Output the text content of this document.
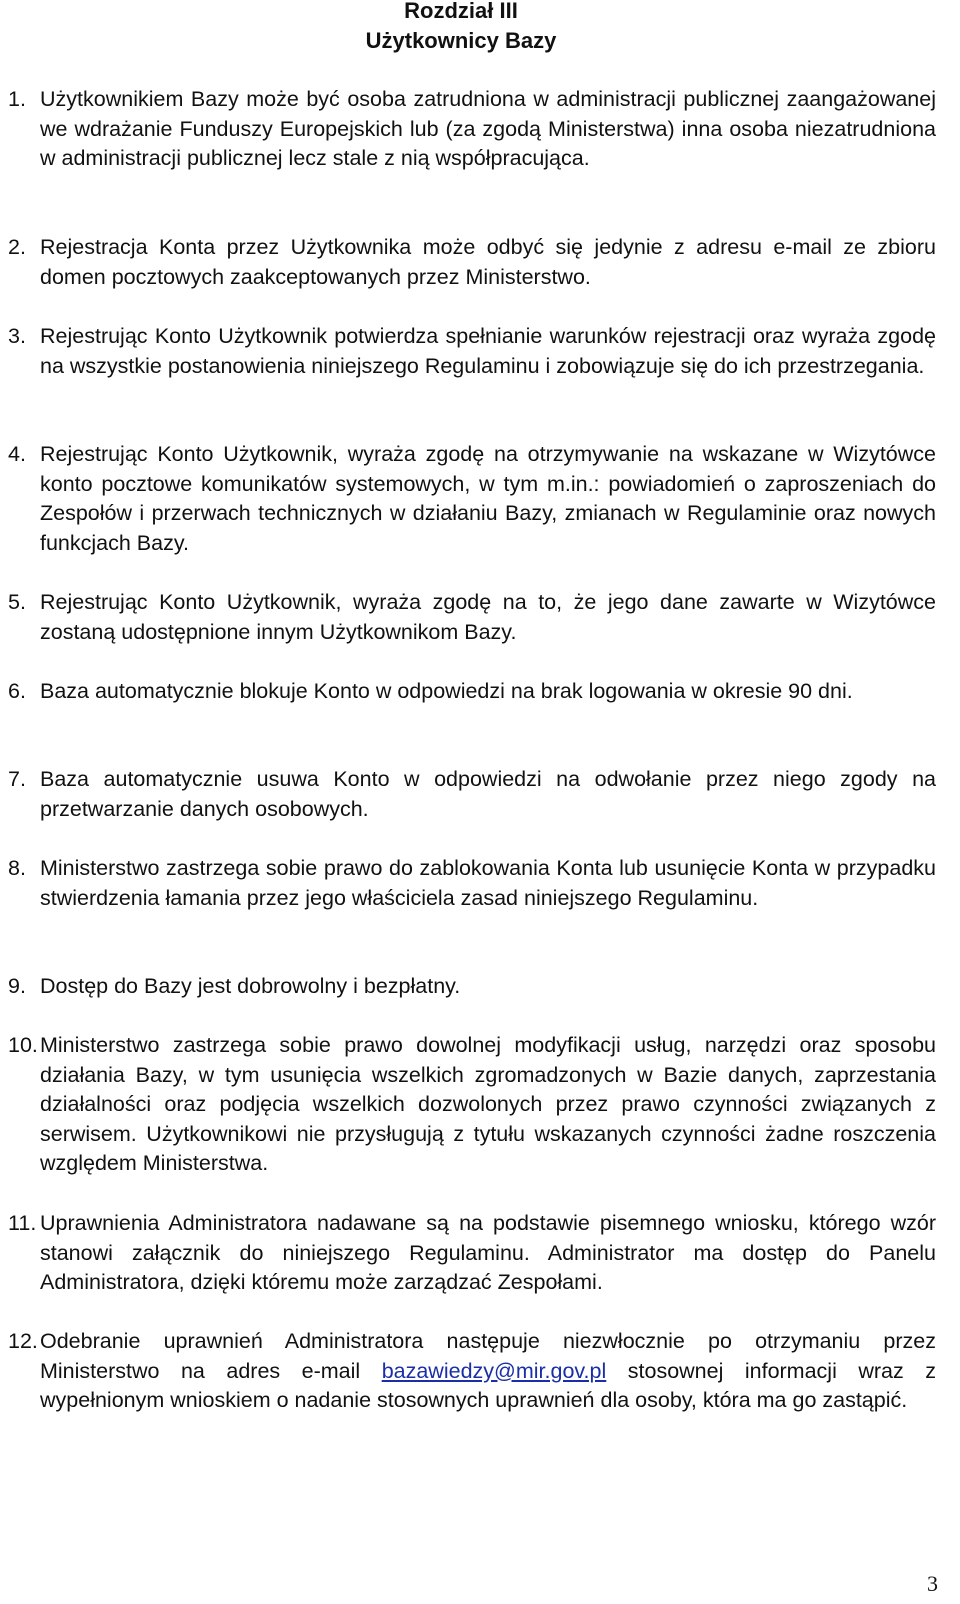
Rozdział III
Użytkownicy Bazy
1. Użytkownikiem Bazy może być osoba zatrudniona w administracji publicznej zaangażowanej we wdrażanie Funduszy Europejskich lub (za zgodą Ministerstwa) inna osoba niezatrudniona w administracji publicznej lecz stale z nią współpracująca.
2. Rejestracja Konta przez Użytkownika może odbyć się jedynie z adresu e-mail ze zbioru domen pocztowych zaakceptowanych przez Ministerstwo.
3. Rejestrując Konto Użytkownik potwierdza spełnianie warunków rejestracji oraz wyraża zgodę na wszystkie postanowienia niniejszego Regulaminu i zobowiązuje się do ich przestrzegania.
4. Rejestrując Konto Użytkownik, wyraża zgodę na otrzymywanie na wskazane w Wizytówce konto pocztowe komunikatów systemowych, w tym m.in.: powiadomień o zaproszeniach do Zespołów i przerwach technicznych w działaniu Bazy, zmianach w Regulaminie oraz nowych funkcjach Bazy.
5. Rejestrując Konto Użytkownik, wyraża zgodę na to, że jego dane zawarte w Wizytówce zostaną udostępnione innym Użytkownikom Bazy.
6. Baza automatycznie blokuje Konto w odpowiedzi na brak logowania w okresie 90 dni.
7. Baza automatycznie usuwa Konto w odpowiedzi na odwołanie przez niego zgody na przetwarzanie danych osobowych.
8. Ministerstwo zastrzega sobie prawo do zablokowania Konta lub usunięcie Konta w przypadku stwierdzenia łamania przez jego właściciela zasad niniejszego Regulaminu.
9. Dostęp do Bazy jest dobrowolny i bezpłatny.
10. Ministerstwo zastrzega sobie prawo dowolnej modyfikacji usług, narzędzi oraz sposobu działania Bazy, w tym usunięcia wszelkich zgromadzonych w Bazie danych, zaprzestania działalności oraz podjęcia wszelkich dozwolonych przez prawo czynności związanych z serwisem. Użytkownikowi nie przysługują z tytułu wskazanych czynności żadne roszczenia względem Ministerstwa.
11. Uprawnienia Administratora nadawane są na podstawie pisemnego wniosku, którego wzór stanowi załącznik do niniejszego Regulaminu. Administrator ma dostęp do Panelu Administratora, dzięki któremu może zarządzać Zespołami.
12. Odebranie uprawnień Administratora następuje niezwłocznie po otrzymaniu przez Ministerstwo na adres e-mail bazawiedzy@mir.gov.pl stosownej informacji wraz z wypełnionym wnioskiem o nadanie stosownych uprawnień dla osoby, która ma go zastąpić.
3
